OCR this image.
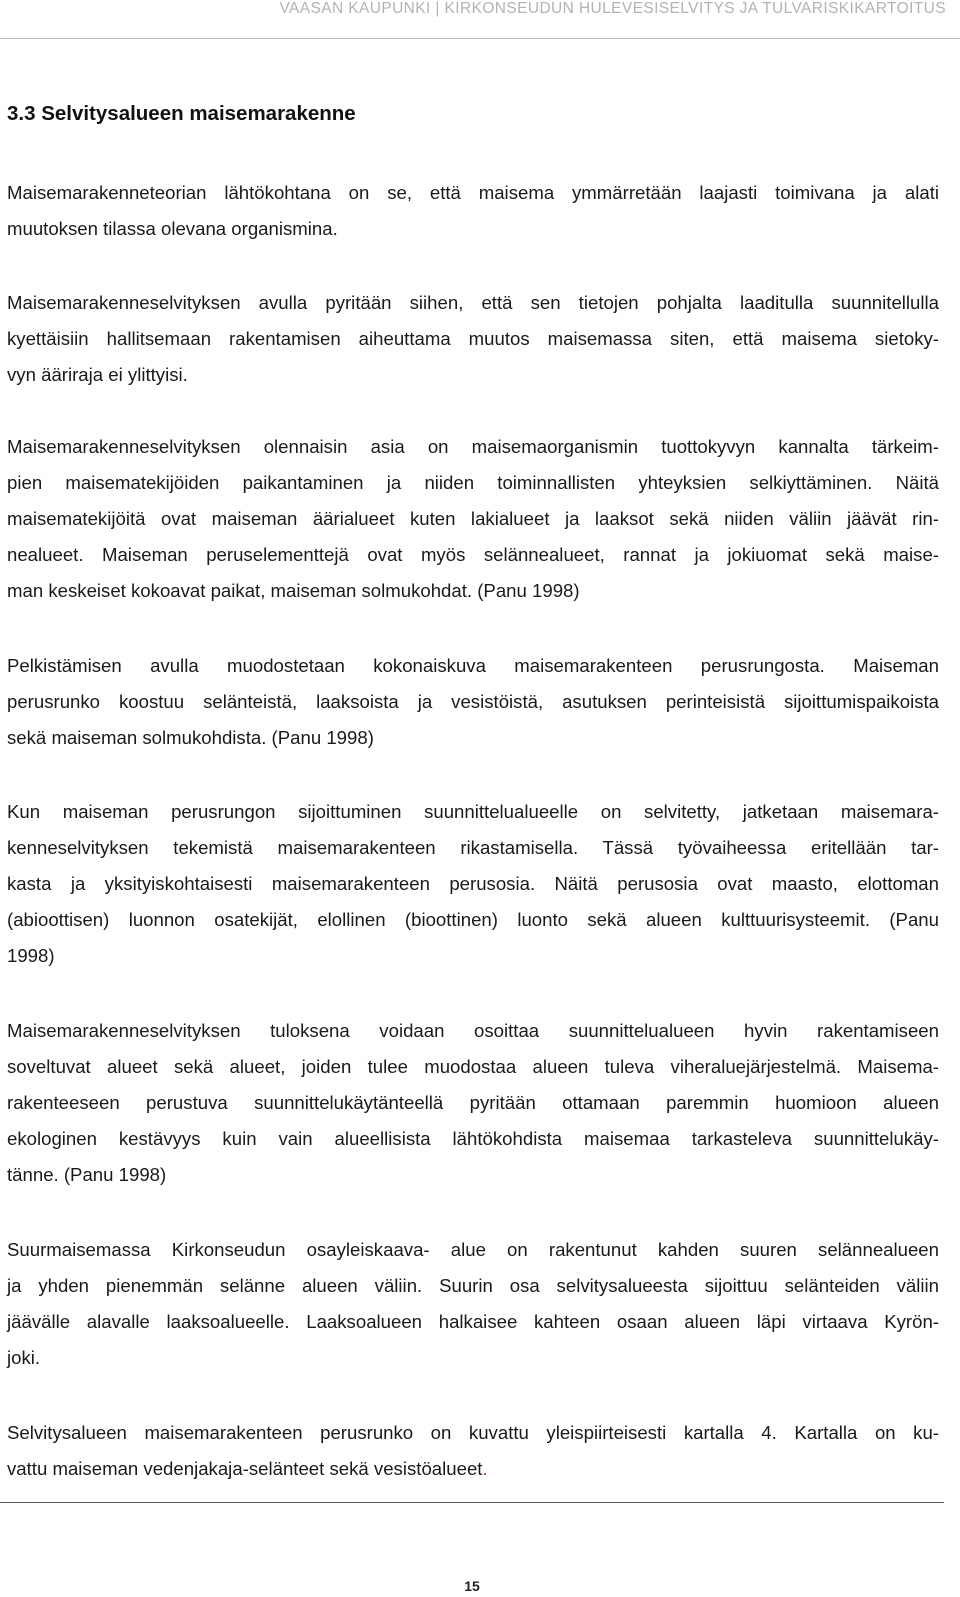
VAASAN KAUPUNKI | KIRKONSEUDUN HULEVESISELVITYS JA TULVARISKIKARTOITUS
3.3 Selvitysalueen maisemarakenne
Maisemarakenneteorian lähtökohtana on se, että maisema ymmärretään laajasti toimivana ja alati
muutoksen tilassa olevana organismina.
Maisemarakenneselvityksen avulla pyritään siihen, että sen tietojen pohjalta laaditulla suunnitellulla
kyettäisiin hallitsemaan rakentamisen aiheuttama muutos maisemassa siten, että maisema sietoky-
vyn ääriraja ei ylittyisi.
Maisemarakenneselvityksen olennaisin asia on maisemaorganismin tuottokyvyn kannalta tärkeim-
pien maisematekijöiden paikantaminen ja niiden toiminnallisten yhteyksien selkiyttäminen. Näitä
maisematekijöitä ovat maiseman äärialueet kuten lakialueet ja laaksot sekä niiden väliin jäävät rin-
nealueet. Maiseman peruselementtejä ovat myös selännealueet, rannat ja jokiuomat sekä maise-
man keskeiset kokoavat paikat, maiseman solmukohdat. (Panu 1998)
Pelkistämisen avulla muodostetaan kokonaiskuva maisemarakenteen perusrungosta. Maiseman
perusrunko koostuu selänteistä, laaksoista ja vesistöistä, asutuksen perinteisistä sijoittumispaikoista
sekä maiseman solmukohdista. (Panu 1998)
Kun maiseman perusrungon sijoittuminen suunnittelualueelle on selvitetty, jatketaan maisemara-
kenneselvityksen tekemistä maisemarakenteen rikastamisella. Tässä työvaiheessa eritellään tar-
kasta ja yksityiskohtaisesti maisemarakenteen perusosia. Näitä perusosia ovat maasto, elottoman
(abioottisen) luonnon osatekijät, elollinen (bioottinen) luonto sekä alueen kulttuurisysteemit. (Panu
1998)
Maisemarakenneselvityksen tuloksena voidaan osoittaa suunnittelualueen hyvin rakentamiseen
soveltuvat alueet sekä alueet, joiden tulee muodostaa alueen tuleva viheraluejärjestelmä. Maisema-
rakenteeseen perustuva suunnittelukäytänteellä pyritään ottamaan paremmin huomioon alueen
ekologinen kestävyys kuin vain alueellisista lähtökohdista maisemaa tarkasteleva suunnittelukäy-
tänne. (Panu 1998)
Suurmaisemassa Kirkonseudun osayleiskaava- alue on rakentunut kahden suuren selännealueen
ja yhden pienemmän selänne alueen väliin. Suurin osa selvitysalueesta sijoittuu selänteiden väliin
jäävälle alavalle laaksoalueelle. Laaksoalueen halkaisee kahteen osaan alueen läpi virtaava Kyrön-
joki.
Selvitysalueen maisemarakenteen perusrunko on kuvattu yleispiirteisesti kartalla 4. Kartalla on ku-
vattu maiseman vedenjakaja-selänteet sekä vesistöalueet.
15
